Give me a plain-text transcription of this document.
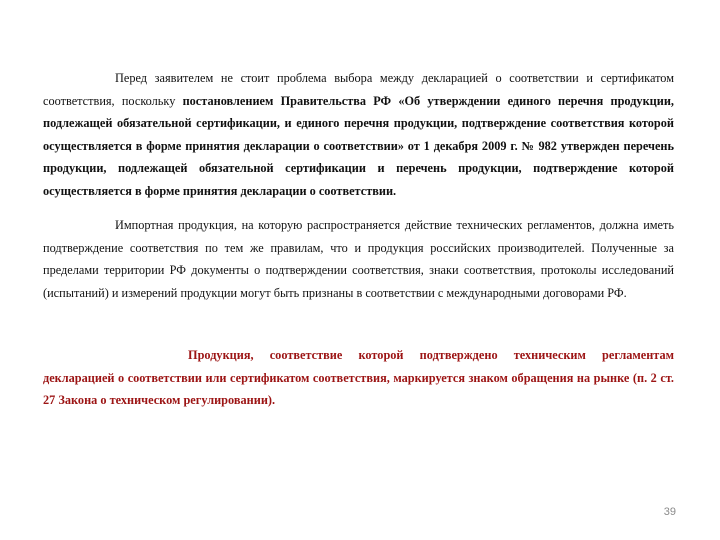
Перед заявителем не стоит проблема выбора между декларацией о соответствии и сертификатом соответствия, поскольку постановлением Правительства РФ «Об утверждении единого перечня продукции, подлежащей обязательной сертификации, и единого перечня продукции, подтверждение соответствия которой осуществляется в форме принятия декларации о соответствии» от 1 декабря 2009 г. № 982 утвержден перечень продукции, подлежащей обязательной сертификации и перечень продукции, подтверждение которой осуществляется в форме принятия декларации о соответствии.

Импортная продукция, на которую распространяется действие технических регламентов, должна иметь подтверждение соответствия по тем же правилам, что и продукция российских производителей. Полученные за пределами территории РФ документы о подтверждении соответствия, знаки соответствия, протоколы исследований (испытаний) и измерений продукции могут быть признаны в соответствии с международными договорами РФ.

Продукция, соответствие которой подтверждено техническим регламентам декларацией о соответствии или сертификатом соответствия, маркируется знаком обращения на рынке (п. 2 ст. 27 Закона о техническом регулировании).

39
